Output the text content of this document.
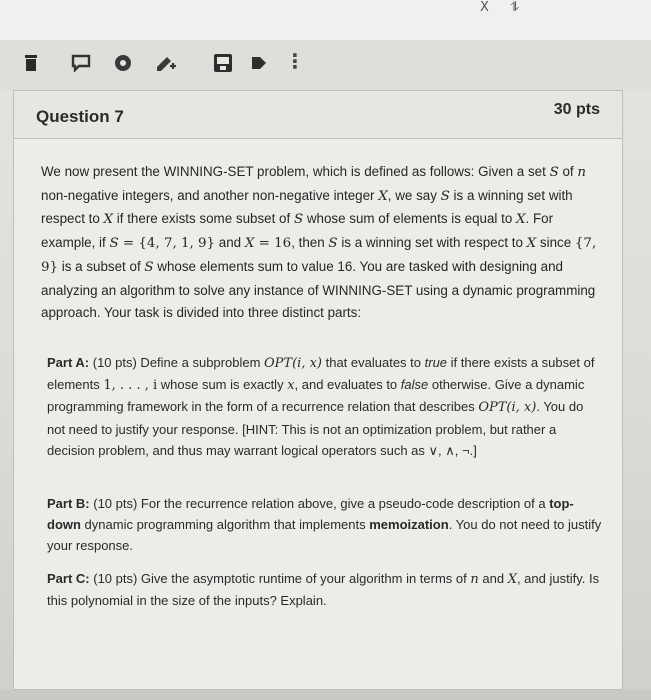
X ⥮
⋮
Question 7	30 pts
We now present the WINNING-SET problem, which is defined as follows: Given a set S of n non-negative integers, and another non-negative integer X, we say S is a winning set with respect to X if there exists some subset of S whose sum of elements is equal to X. For example, if S = {4, 7, 1, 9} and X = 16, then S is a winning set with respect to X since {7, 9} is a subset of S whose elements sum to value 16. You are tasked with designing and analyzing an algorithm to solve any instance of WINNING-SET using a dynamic programming approach. Your task is divided into three distinct parts:
Part A: (10 pts) Define a subproblem OPT(i, x) that evaluates to true if there exists a subset of elements 1, . . . , i whose sum is exactly x, and evaluates to false otherwise. Give a dynamic programming framework in the form of a recurrence relation that describes OPT(i, x). You do not need to justify your response. [HINT: This is not an optimization problem, but rather a decision problem, and thus may warrant logical operators such as ∨, ∧, ¬.]
Part B: (10 pts) For the recurrence relation above, give a pseudo-code description of a top-down dynamic programming algorithm that implements memoization. You do not need to justify your response.
Part C: (10 pts) Give the asymptotic runtime of your algorithm in terms of n and X, and justify. Is this polynomial in the size of the inputs? Explain.
